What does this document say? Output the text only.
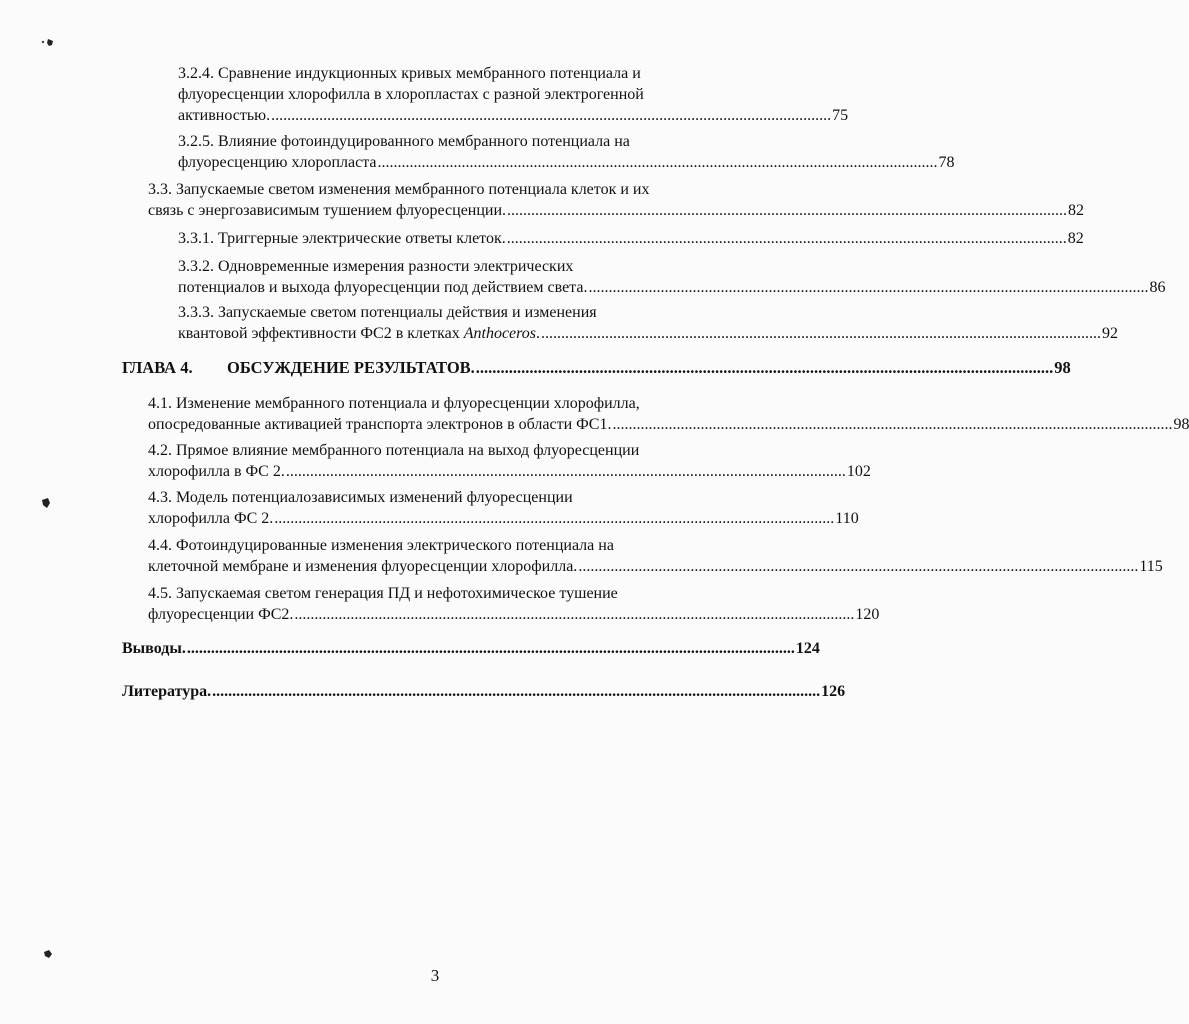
3.2.4. Сравнение индукционных кривых мембранного потенциала и
флуоресценции хлорофилла в хлоропластах с разной электрогенной
активностью. ............................................................................................................................................ 75
3.2.5. Влияние фотоиндуцированного мембранного потенциала на
флуоресценцию хлоропласта ............................................................................................................................................ 78
3.3. Запускаемые светом изменения мембранного потенциала клеток и их
связь с энергозависимым тушением флуоресценции. ............................................................................................................................................ 82
3.3.1. Триггерные электрические ответы клеток. ............................................................................................................................................ 82
3.3.2. Одновременные измерения разности электрических
потенциалов и выхода флуоресценции под действием света. ............................................................................................................................................ 86
3.3.3. Запускаемые светом потенциалы действия и изменения
квантовой эффективности ФС2 в клетках Anthoceros. ............................................................................................................................................ 92
ГЛАВА 4.	ОБСУЖДЕНИЕ РЕЗУЛЬТАТОВ. ............................................................................................................................................ 98
4.1. Изменение мембранного потенциала и флуоресценции хлорофилла,
опосредованные активацией транспорта электронов в области ФС1. ............................................................................................................................................ 98
4.2. Прямое влияние мембранного потенциала на выход флуоресценции
хлорофилла в ФС 2. ............................................................................................................................................ 102
4.3. Модель потенциалозависимых изменений флуоресценции
хлорофилла ФС 2. ............................................................................................................................................ 110
4.4. Фотоиндуцированные изменения электрического потенциала на
клеточной мембране и изменения флуоресценции хлорофилла. ............................................................................................................................................ 115
4.5. Запускаемая светом генерация ПД и нефотохимическое тушение
флуоресценции ФС2. ............................................................................................................................................ 120
Выводы. ........................................................................................................................................................ 124
Литература. ........................................................................................................................................................ 126
3
